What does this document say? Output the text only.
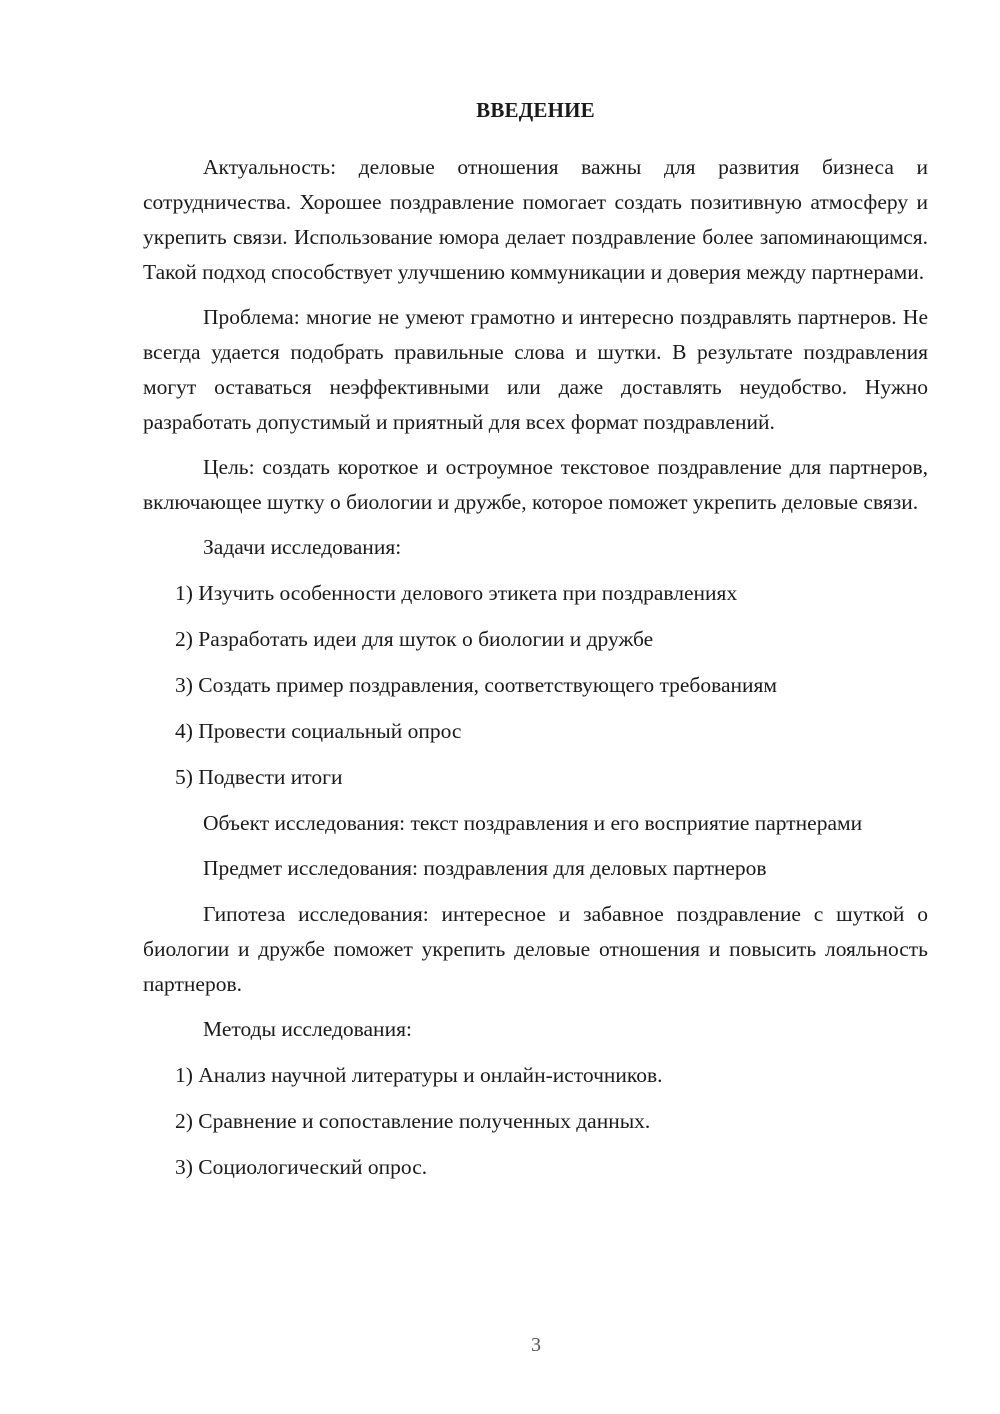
ВВЕДЕНИЕ

Актуальность: деловые отношения важны для развития бизнеса и сотрудничества. Хорошее поздравление помогает создать позитивную атмосферу и укрепить связи. Использование юмора делает поздравление более запоминающимся. Такой подход способствует улучшению коммуникации и доверия между партнерами.

Проблема: многие не умеют грамотно и интересно поздравлять партнеров. Не всегда удается подобрать правильные слова и шутки. В результате поздравления могут оставаться неэффективными или даже доставлять неудобство. Нужно разработать допустимый и приятный для всех формат поздравлений.

Цель: создать короткое и остроумное текстовое поздравление для партнеров, включающее шутку о биологии и дружбе, которое поможет укрепить деловые связи.

Задачи исследования:

1) Изучить особенности делового этикета при поздравлениях

2) Разработать идеи для шуток о биологии и дружбе

3) Создать пример поздравления, соответствующего требованиям

4) Провести социальный опрос

5) Подвести итоги

Объект исследования: текст поздравления и его восприятие партнерами

Предмет исследования: поздравления для деловых партнеров

Гипотеза исследования: интересное и забавное поздравление с шуткой о биологии и дружбе поможет укрепить деловые отношения и повысить лояльность партнеров.

Методы исследования:

1) Анализ научной литературы и онлайн-источников.

2) Сравнение и сопоставление полученных данных.

3) Социологический опрос.

3
